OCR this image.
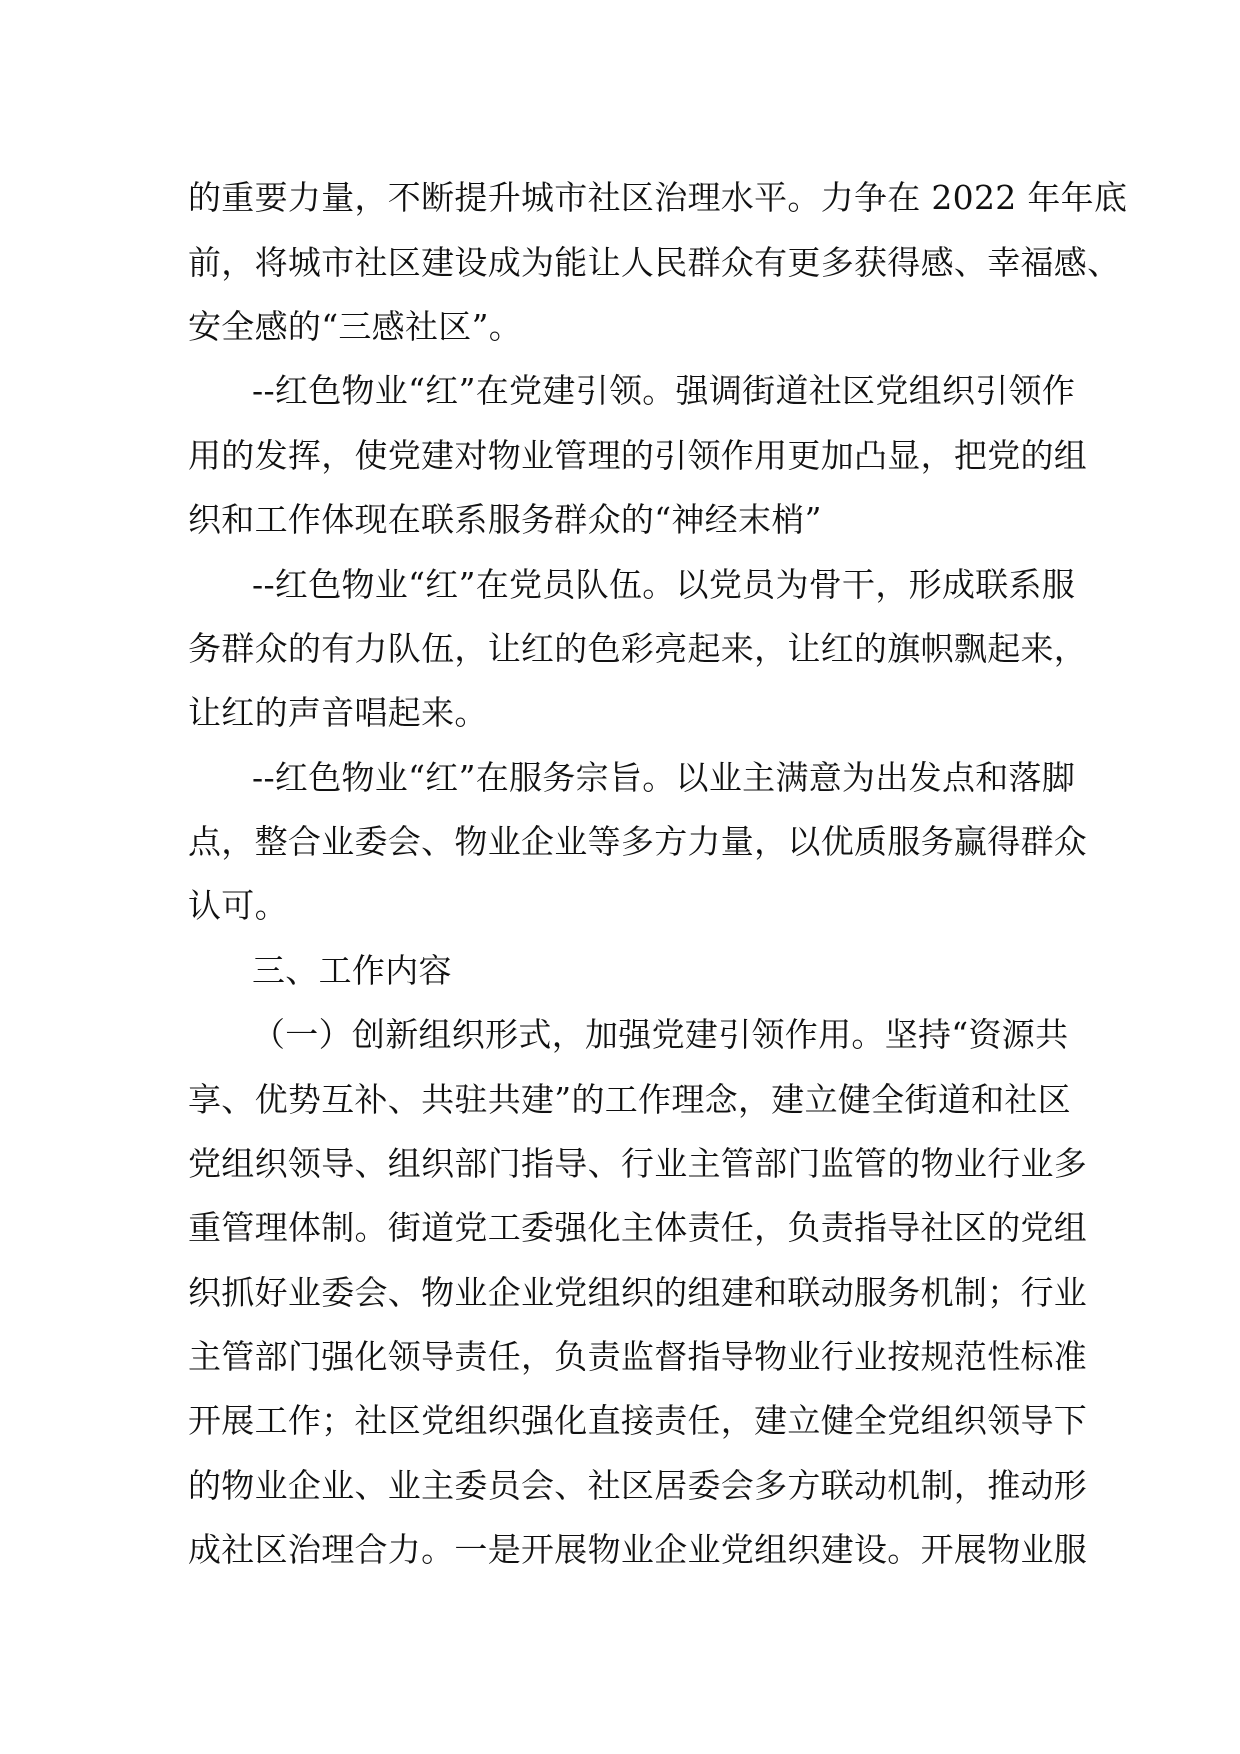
的重要力量，不断提升城市社区治理水平。力争在 2022 年年底
前，将城市社区建设成为能让人民群众有更多获得感、幸福感、
安全感的“三感社区”。
--红色物业“红”在党建引领。强调街道社区党组织引领作
用的发挥，使党建对物业管理的引领作用更加凸显，把党的组
织和工作体现在联系服务群众的“神经末梢”
--红色物业“红”在党员队伍。以党员为骨干，形成联系服
务群众的有力队伍，让红的色彩亮起来，让红的旗帜飘起来，
让红的声音唱起来。
--红色物业“红”在服务宗旨。以业主满意为出发点和落脚
点，整合业委会、物业企业等多方力量，以优质服务赢得群众
认可。
三、工作内容
（一）创新组织形式，加强党建引领作用。坚持“资源共
享、优势互补、共驻共建”的工作理念，建立健全街道和社区
党组织领导、组织部门指导、行业主管部门监管的物业行业多
重管理体制。街道党工委强化主体责任，负责指导社区的党组
织抓好业委会、物业企业党组织的组建和联动服务机制；行业
主管部门强化领导责任，负责监督指导物业行业按规范性标准
开展工作；社区党组织强化直接责任，建立健全党组织领导下
的物业企业、业主委员会、社区居委会多方联动机制，推动形
成社区治理合力。一是开展物业企业党组织建设。开展物业服
